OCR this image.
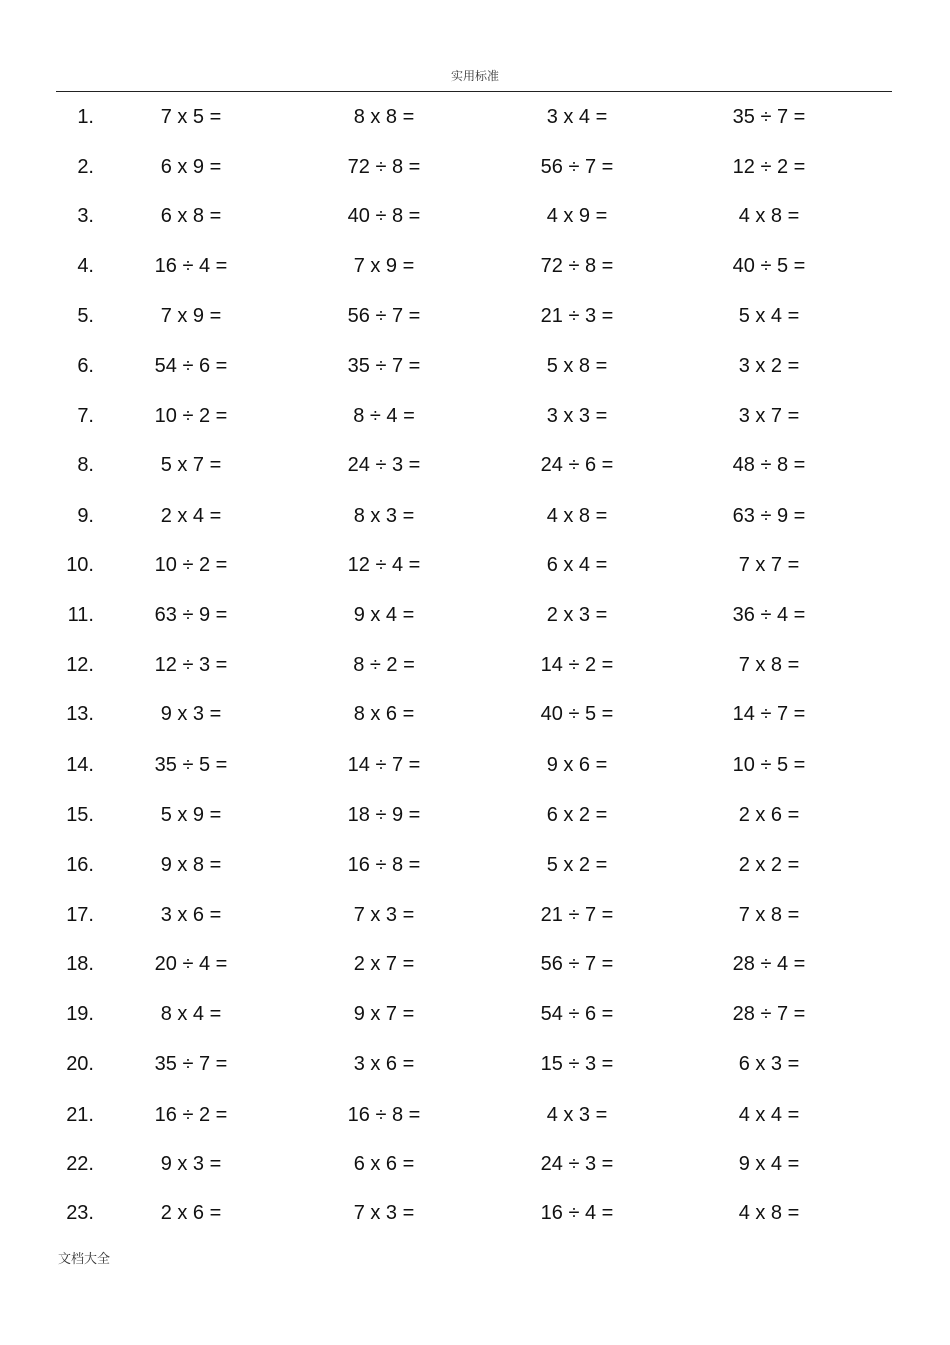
实用标准
1.	7 x 5 =	8 x 8 =	3 x 4 =	35 ÷ 7 =
2.	6 x 9 =	72 ÷ 8 =	56 ÷ 7 =	12 ÷ 2 =
3.	6 x 8 =	40 ÷ 8 =	4 x 9 =	4 x 8 =
4.	16 ÷ 4 =	7 x 9 =	72 ÷ 8 =	40 ÷ 5 =
5.	7 x 9 =	56 ÷ 7 =	21 ÷ 3 =	5 x 4 =
6.	54 ÷ 6 =	35 ÷ 7 =	5 x 8 =	3 x 2 =
7.	10 ÷ 2 =	8 ÷ 4 =	3 x 3 =	3 x 7 =
8.	5 x 7 =	24 ÷ 3 =	24 ÷ 6 =	48 ÷ 8 =
9.	2 x 4 =	8 x 3 =	4 x 8 =	63 ÷ 9 =
10.	10 ÷ 2 =	12 ÷ 4 =	6 x 4 =	7 x 7 =
11.	63 ÷ 9 =	9 x 4 =	2 x 3 =	36 ÷ 4 =
12.	12 ÷ 3 =	8 ÷ 2 =	14 ÷ 2 =	7 x 8 =
13.	9 x 3 =	8 x 6 =	40 ÷ 5 =	14 ÷ 7 =
14.	35 ÷ 5 =	14 ÷ 7 =	9 x 6 =	10 ÷ 5 =
15.	5 x 9 =	18 ÷ 9 =	6 x 2 =	2 x 6 =
16.	9 x 8 =	16 ÷ 8 =	5 x 2 =	2 x 2 =
17.	3 x 6 =	7 x 3 =	21 ÷ 7 =	7 x 8 =
18.	20 ÷ 4 =	2 x 7 =	56 ÷ 7 =	28 ÷ 4 =
19.	8 x 4 =	9 x 7 =	54 ÷ 6 =	28 ÷ 7 =
20.	35 ÷ 7 =	3 x 6 =	15 ÷ 3 =	6 x 3 =
21.	16 ÷ 2 =	16 ÷ 8 =	4 x 3 =	4 x 4 =
22.	9 x 3 =	6 x 6 =	24 ÷ 3 =	9 x 4 =
23.	2 x 6 =	7 x 3 =	16 ÷ 4 =	4 x 8 =
文档大全
